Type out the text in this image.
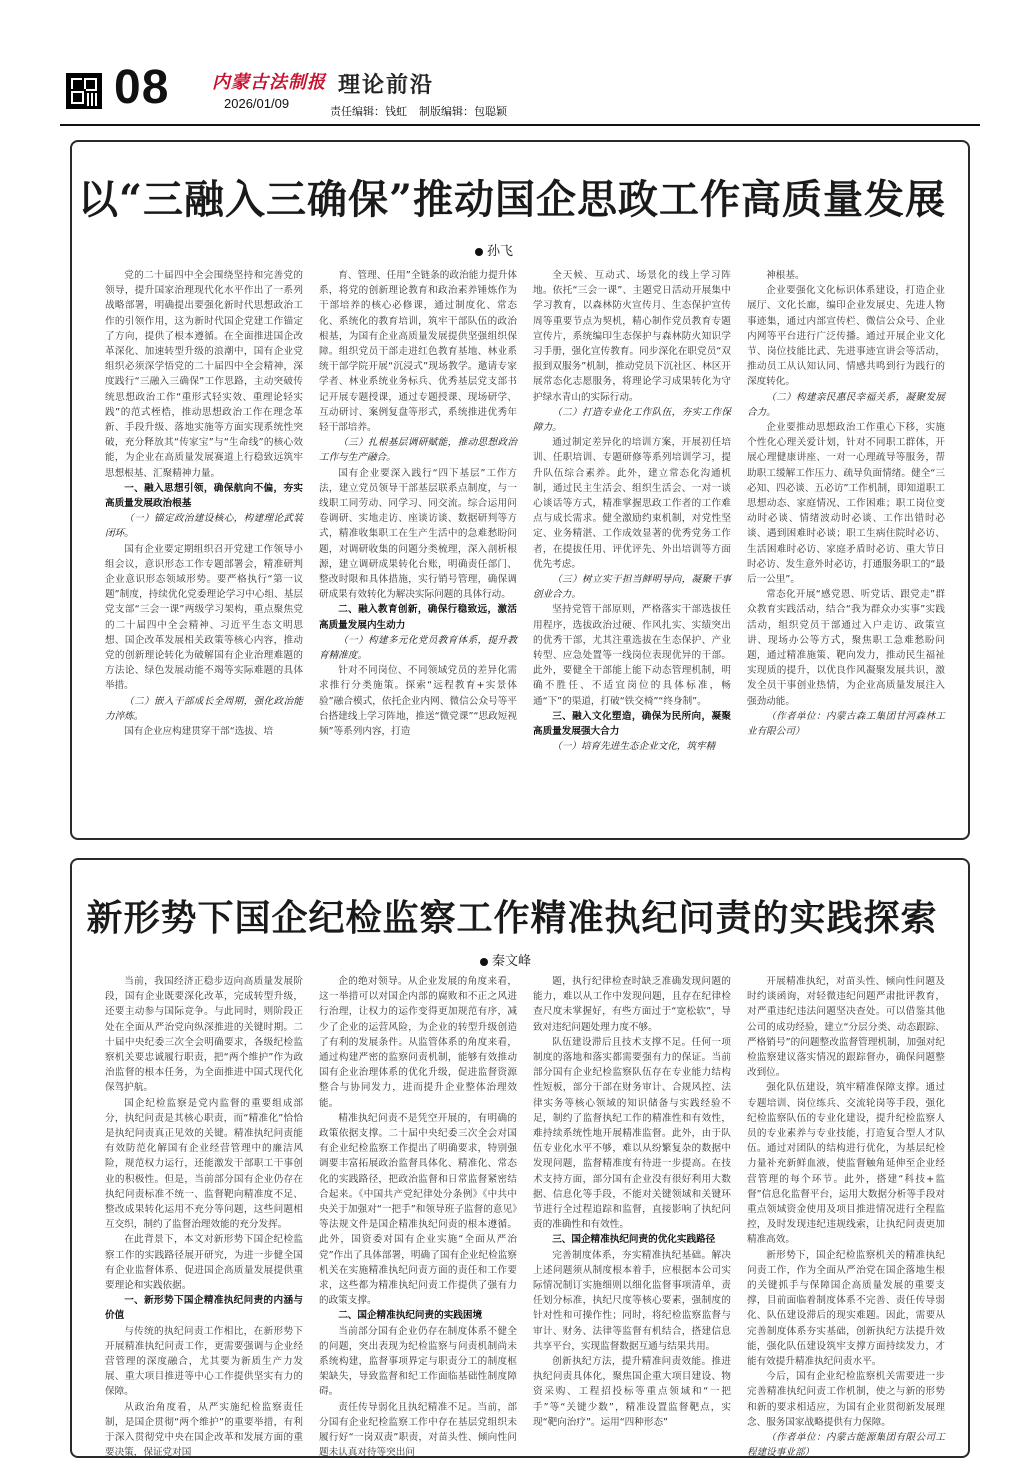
08 内蒙古法制报
2026/01/09
理论前沿
责任编辑：钱虹 制版编辑：包聪颖
以“三融入三确保”推动国企思政工作高质量发展
孙飞

党的二十届四中全会围绕坚持和完善党的领导，提升国家治理现代化水平作出了一系列战略部署，明确提出要强化新时代思想政治工作的引领作用，这为新时代国企党建工作锚定了方向，提供了根本遵循。在全面推进国企改革深化、加速转型升级的浪潮中，国有企业党组织必须深学悟党的二十届四中全会精神，深度践行“三融入三确保”工作思路，主动突破传统思想政治工作“重形式轻实效、重理论轻实践”的范式桎梏，推动思想政治工作在理念革新、手段升级、落地实施等方面实现系统性突破，充分释放其“传家宝”与“生命线”的核心效能，为企业在高质量发展赛道上行稳致远筑牢思想根基、汇聚精神力量。

一、融入思想引领，确保航向不偏，夯实高质量发展政治根基

（一）锚定政治建设核心，构建理论武装闭环。

国有企业要定期组织召开党建工作领导小组会议，意识形态工作专题部署会，精准研判企业意识形态领域形势。要严格执行“第一议题”制度，持续优化党委理论学习中心组、基层党支部“三会一课”两级学习架构，重点聚焦党的二十届四中全会精神、习近平生态文明思想、国企改革发展相关政策等核心内容，推动党的创新理论转化为破解国有企业治理难题的方法论、绿色发展动能不竭等实际难题的具体举措。

（二）嵌入干部成长全周期，强化政治能力淬炼。

国有企业应构建贯穿干部“选拔、培

育、管理、任用”全链条的政治能力提升体系，将党的创新理论教育和政治素养锤炼作为干部培养的核心必修课，通过制度化、常态化、系统化的教育培训，筑牢干部队伍的政治根基，为国有企业高质量发展提供坚强组织保障。组织党员干部走进红色教育基地、林业系统干部学院开展“沉浸式”现场教学。邀请专家学者、林业系统业务标兵、优秀基层党支部书记开展专题授课，通过专题授课、现场研学、互动研讨、案例复盘等形式，系统推进优秀年轻干部培养。

（三）扎根基层调研赋能，推动思想政治工作与生产融合。

国有企业要深入践行“四下基层”工作方法，建立党员领导干部基层联系点制度，与一线职工同劳动、同学习、同交流。综合运用问卷调研、实地走访、座谈访谈、数据研判等方式，精准收集职工在生产生活中的急难愁盼问题，对调研收集的问题分类梳理，深入剖析根源，建立调研成果转化台账，明确责任部门、整改时限和具体措施，实行销号管理，确保调研成果有效转化为解决实际问题的具体行动。

二、融入教育创新，确保行稳致远，激活高质量发展内生动力

（一）构建多元化党员教育体系，提升教育精准度。

针对不同岗位、不同领域党员的差异化需求推行分类施策。探索“远程教育+实景体验”融合模式，依托企业内网、微信公众号等平台搭建线上学习阵地，推送“微党课”“思政短视频”等系列内容，打造

全天候、互动式、场景化的线上学习阵地。依托“三会一课”、主题党日活动开展集中学习教育，以森林防火宣传月、生态保护宣传周等重要节点为契机，精心制作党员教育专题宣传片，系统编印生态保护与森林防火知识学习手册，强化宣传教育。同步深化在职党员“双报到双服务”机制，推动党员下沉社区、林区开展常态化志愿服务，将理论学习成果转化为守护绿水青山的实际行动。

（二）打造专业化工作队伍，夯实工作保障力。

通过制定差异化的培训方案，开展初任培训、任职培训、专题研修等系列培训学习，提升队伍综合素养。此外，建立常态化沟通机制，通过民主生活会、组织生活会、一对一谈心谈话等方式，精准掌握思政工作者的工作难点与成长需求。健全激励约束机制，对党性坚定、业务精湛、工作成效显著的优秀党务工作者，在提拔任用、评优评先、外出培训等方面优先考虑。

（三）树立实干担当鲜明导向，凝聚干事创业合力。

坚持党管干部原则，严格落实干部选拔任用程序，选拔政治过硬、作风扎实、实绩突出的优秀干部，尤其注重选拔在生态保护、产业转型、应急处置等一线岗位表现优异的干部。此外，要健全干部能上能下动态管理机制，明确不胜任、不适宜岗位的具体标准，畅通“下”的渠道，打破“铁交椅”“终身制”。

三、融入文化塑造，确保为民所向，凝聚高质量发展强大合力

（一）培育先进生态企业文化，筑牢精

神根基。

企业要强化文化标识体系建设，打造企业展厅、文化长廊，编印企业发展史、先进人物事迹集，通过内部宣传栏、微信公众号、企业内网等平台进行广泛传播。通过开展企业文化节、岗位技能比武、先进事迹宣讲会等活动，推动员工从认知认同、情感共鸣到行为践行的深度转化。

（二）构建亲民惠民幸福关系，凝聚发展合力。

企业要推动思想政治工作重心下移，实施个性化心理关爱计划，针对不同职工群体，开展心理健康讲座、一对一心理疏导等服务，帮助职工缓解工作压力、疏导负面情绪。健全“三必知、四必谈、五必访”工作机制，即知道职工思想动态、家庭情况、工作困难；职工岗位变动时必谈、情绪波动时必谈、工作出错时必谈、遇到困难时必谈；职工生病住院时必访、生活困难时必访、家庭矛盾时必访、重大节日时必访、发生意外时必访，打通服务职工的“最后一公里”。

常态化开展“感党恩、听党话、跟党走”群众教育实践活动，结合“我为群众办实事”实践活动，组织党员干部通过入户走访、政策宣讲、现场办公等方式，聚焦职工急难愁盼问题，通过精准施策、靶向发力，推动民生福祉实现质的提升，以优良作风凝聚发展共识，激发全员干事创业热情，为企业高质量发展注入强劲动能。

（作者单位：内蒙古森工集团甘河森林工业有限公司）

新形势下国企纪检监察工作精准执纪问责的实践探索
秦文峰

当前，我国经济正稳步迈向高质量发展阶段，国有企业既要深化改革，完成转型升级，还要主动参与国际竞争。与此同时，则阶段正处在全面从严治党向纵深推进的关键时期。二十届中央纪委三次全会明确要求，各级纪检监察机关要忠诚履行职责，把“两个维护”作为政治监督的根本任务，为全面推进中国式现代化保驾护航。

国企纪检监察是党内监督的重要组成部分，执纪问责是其核心职责，而“精准化”恰恰是执纪问责真正见效的关键。精准执纪问责能有效防范化解国有企业经营管理中的廉洁风险，规范权力运行，还能激发干部职工干事创业的积极性。但是，当前部分国有企业仍存在执纪问责标准不统一、监督靶向精准度不足、整改成果转化运用不充分等问题，这些问题相互交织，制约了监督治理效能的充分发挥。

在此背景下，本文对新形势下国企纪检监察工作的实践路径展开研究，为进一步健全国有企业监督体系、促进国企高质量发展提供重要理论和实践依据。

一、新形势下国企精准执纪问责的内涵与价值

与传统的执纪问责工作相比，在新形势下开展精准执纪问责工作，更需要强调与企业经营管理的深度融合，尤其要为新质生产力发展、重大项目推进等中心工作提供坚实有力的保障。

从政治角度看，从严实施纪检监察责任制，是国企贯彻“两个维护”的重要举措，有利于深入贯彻党中央在国企改革和发展方面的重要决策，保证党对国

企的绝对领导。从企业发展的角度来看，这一举措可以对国企内部的腐败和不正之风进行治理，让权力的运作变得更加规范有序，减少了企业的运营风险，为企业的转型升级创造了有利的发展条件。从监管体系的角度来看，通过构建严密的监察问责机制，能够有效推动国有企业治理体系的优化升级，促进监督资源整合与协同发力，进而提升企业整体治理效能。

精准执纪问责不是凭空开展的，有明确的政策依据支撑。二十届中央纪委三次全会对国有企业纪检监察工作提出了明确要求，特别强调要丰富拓展政治监督具体化、精准化、常态化的实践路径，把政治监督和日常监督紧密结合起来。《中国共产党纪律处分条例》《中共中央关于加强对“一把手”和领导班子监督的意见》等法规文件是国企精准执纪问责的根本遵循。此外，国资委对国有企业实施“全面从严治党”作出了具体部署，明确了国有企业纪检监察机关在实施精准执纪问责方面的责任和工作要求，这些都为精准执纪问责工作提供了强有力的政策支撑。

二、国企精准执纪问责的实践困境

当前部分国有企业仍存在制度体系不健全的问题，突出表现为纪检监察与问责机制尚未系统构建，监督事项界定与职责分工的制度框架缺失，导致监督和纪工作面临基础性制度障碍。

责任传导弱化且执纪精准不足。当前，部分国有企业纪检监察工作中存在基层党组织未履行好“一岗双责”职责，对苗头性、倾向性问题未认真对待等突出问

题，执行纪律检查时缺乏准确发现问题的能力，难以从工作中发现问题，且存在纪律检查尺度未掌握好，有些方面过于“宽松软”，导致对违纪问题处理力度不够。

队伍建设滞后且技术支撑不足。任何一项制度的落地和落实都需要强有力的保证。当前部分国有企业纪检监察队伍存在专业能力结构性短板，部分干部在财务审计、合规风控、法律实务等核心领域的知识储备与实践经验不足，制约了监督执纪工作的精准性和有效性，难持续系统性地开展精准监督。此外，由于队伍专业化水平不够，难以从纷繁复杂的数据中发现问题，监督精准度有待进一步提高。在技术支持方面，部分国有企业没有很好利用大数据、信息化等手段，不能对关键领域和关键环节进行全过程追踪和监督，直接影响了执纪问责的准确性和有效性。

三、国企精准执纪问责的优化实践路径

完善制度体系，夯实精准执纪基础。解决上述问题须从制度根本着手，应根据本公司实际情况制订实施细则以细化监督事项清单，责任划分标准，执纪尺度等核心要素，强制度的针对性和可操作性；同时，将纪检监察监督与审计、财务、法律等监督有机结合，搭建信息共享平台，实现监督数据互通与结果共用。

创新执纪方法，提升精准问责效能。推进执纪问责具体化，聚焦国企重大项目建设、物资采购、工程招投标等重点领域和“一把手”等“关键少数”，精准设置监督靶点，实现“靶向治疗”。运用“四种形态”

开展精准执纪，对苗头性、倾向性问题及时约谈函询，对轻微违纪问题严肃批评教育，对严重违纪违法问题坚决查处。可以借鉴其他公司的成功经验，建立“分层分类、动态跟踪、严格销号”的问题整改监督管理机制，加强对纪检监察建议落实情况的跟踪督办，确保问题整改到位。

强化队伍建设，筑牢精准保障支撑。通过专题培训、岗位练兵、交流轮岗等手段，强化纪检监察队伍的专业化建设，提升纪检监察人员的专业素养与专业技能，打造复合型人才队伍。通过对团队的结构进行优化，为基层纪检力量补充新鲜血液，使监督触角延伸至企业经营管理的每个环节。此外，搭建“科技+监督”信息化监督平台，运用大数据分析等手段对重点领域资金使用及项目推进情况进行全程监控，及时发现违纪违规线索，让执纪问责更加精准高效。

新形势下，国企纪检监察机关的精准执纪问责工作，作为全面从严治党在国企落地生根的关键抓手与保障国企高质量发展的重要支撑，目前面临着制度体系不完善、责任传导弱化、队伍建设滞后的现实难题。因此，需要从完善制度体系夯实基础，创新执纪方法提升效能，强化队伍建设筑牢支撑方面持续发力，才能有效提升精准执纪问责水平。

今后，国有企业纪检监察机关需要进一步完善精准执纪问责工作机制，使之与新的形势和新的要求相适应，为国有企业贯彻新发展理念、服务国家战略提供有力保障。

（作者单位：内蒙古能源集团有限公司工程建设事业部）
